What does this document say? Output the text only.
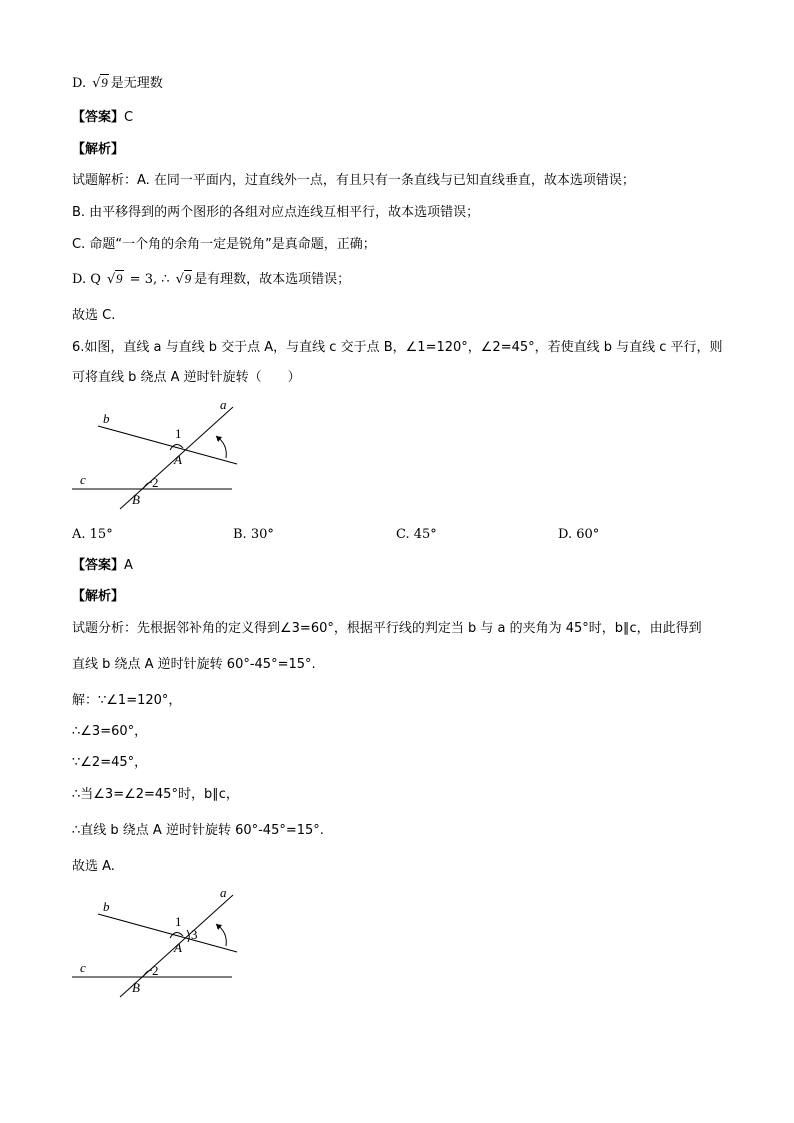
D. √ 9 是无理数
【答案】C
【解析】
试题解析：A. 在同一平面内，过直线外一点，有且只有一条直线与已知直线垂直，故本选项错误；
B. 由平移得到的两个图形的各组对应点连线互相平行，故本选项错误；
C. 命题“一个角的余角一定是锐角”是真命题，正确；
D. Q √ 9 = 3, ∴ √ 9 是有理数，故本选项错误；
故选 C.
6.如图，直线 a 与直线 b 交于点 A，与直线 c 交于点 B，∠1=120°，∠2=45°，若使直线 b 与直线 c 平行，则
可将直线 b 绕点 A 逆时针旋转（　　）
a
b
c
1
A
2
B
A. 15°	B. 30°	C. 45°	D. 60°
【答案】A
【解析】
试题分析：先根据邻补角的定义得到∠3=60°，根据平行线的判定当 b 与 a 的夹角为 45°时，b∥c，由此得到
直线 b 绕点 A 逆时针旋转 60°-45°=15°.
解：∵∠1=120°，
∴∠3=60°，
∵∠2=45°，
∴当∠3=∠2=45°时，b∥c，
∴直线 b 绕点 A 逆时针旋转 60°-45°=15°.
故选 A.
a
b
c
1
3
A
2
B
